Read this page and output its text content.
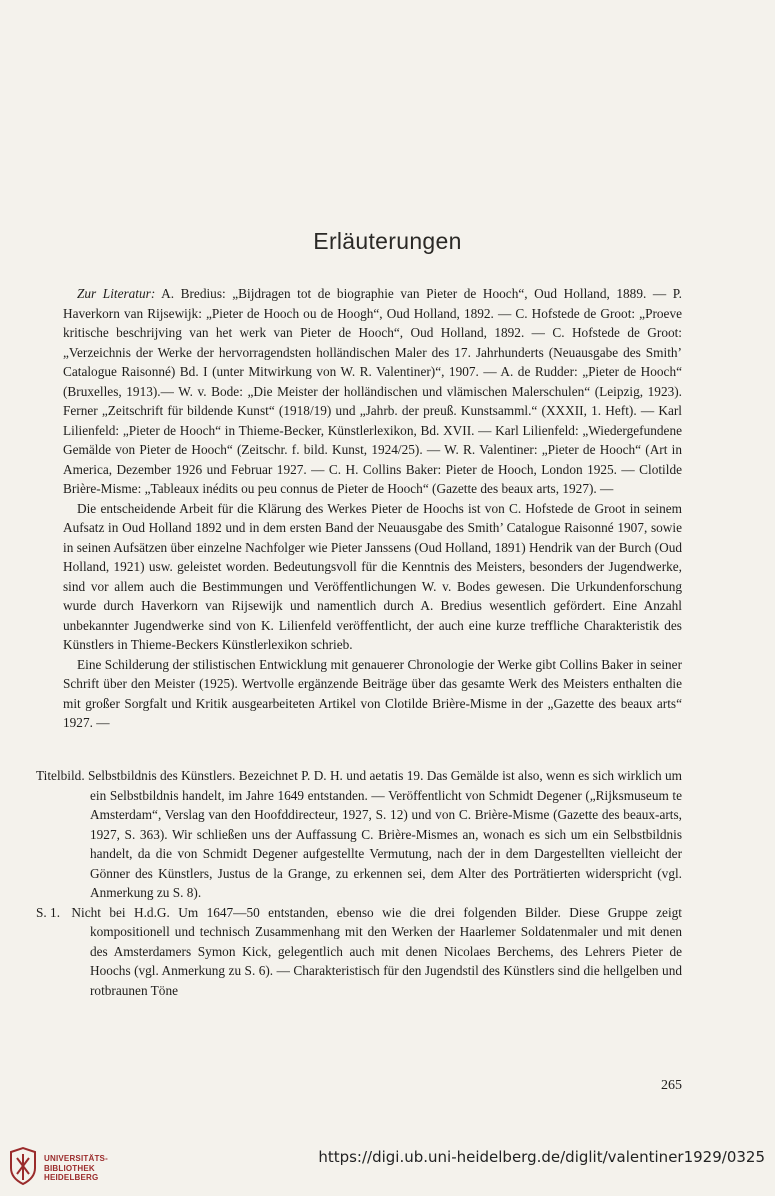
Erläuterungen

Zur Literatur: A. Bredius: „Bijdragen tot de biographie van Pieter de Hooch“, Oud Holland, 1889. — P. Haverkorn van Rijsewijk: „Pieter de Hooch ou de Hoogh“, Oud Holland, 1892. — C. Hofstede de Groot: „Proeve kritische beschrijving van het werk van Pieter de Hooch“, Oud Holland, 1892. — C. Hofstede de Groot: „Verzeichnis der Werke der hervorragendsten holländischen Maler des 17. Jahrhunderts (Neuausgabe des Smith’ Catalogue Raisonné) Bd. I (unter Mitwirkung von W. R. Valentiner)“, 1907. — A. de Rudder: „Pieter de Hooch“ (Bruxelles, 1913).— W. v. Bode: „Die Meister der holländischen und vlämischen Malerschulen“ (Leipzig, 1923). Ferner „Zeitschrift für bildende Kunst“ (1918/19) und „Jahrb. der preuß. Kunstsamml.“ (XXXII, 1. Heft). — Karl Lilienfeld: „Pieter de Hooch“ in Thieme-Becker, Künstlerlexikon, Bd. XVII. — Karl Lilienfeld: „Wiedergefundene Gemälde von Pieter de Hooch“ (Zeitschr. f. bild. Kunst, 1924/25). — W. R. Valentiner: „Pieter de Hooch“ (Art in America, Dezember 1926 und Februar 1927. — C. H. Collins Baker: Pieter de Hooch, London 1925. — Clotilde Brière-Misme: „Tableaux inédits ou peu connus de Pieter de Hooch“ (Gazette des beaux arts, 1927). —

Die entscheidende Arbeit für die Klärung des Werkes Pieter de Hoochs ist von C. Hofstede de Groot in seinem Aufsatz in Oud Holland 1892 und in dem ersten Band der Neuausgabe des Smith’ Catalogue Raisonné 1907, sowie in seinen Aufsätzen über einzelne Nachfolger wie Pieter Janssens (Oud Holland, 1891) Hendrik van der Burch (Oud Holland, 1921) usw. geleistet worden. Bedeutungsvoll für die Kenntnis des Meisters, besonders der Jugendwerke, sind vor allem auch die Bestimmungen und Veröffentlichungen W. v. Bodes gewesen. Die Urkundenforschung wurde durch Haverkorn van Rijsewijk und namentlich durch A. Bredius wesentlich gefördert. Eine Anzahl unbekannter Jugendwerke sind von K. Lilienfeld veröffentlicht, der auch eine kurze treffliche Charakteristik des Künstlers in Thieme-Beckers Künstlerlexikon schrieb.

Eine Schilderung der stilistischen Entwicklung mit genauerer Chronologie der Werke gibt Collins Baker in seiner Schrift über den Meister (1925). Wertvolle ergänzende Beiträge über das gesamte Werk des Meisters enthalten die mit großer Sorgfalt und Kritik ausgearbeiteten Artikel von Clotilde Brière-Misme in der „Gazette des beaux arts“ 1927. —

Titelbild. Selbstbildnis des Künstlers. Bezeichnet P. D. H. und aetatis 19. Das Gemälde ist also, wenn es sich wirklich um ein Selbstbildnis handelt, im Jahre 1649 entstanden. — Veröffentlicht von Schmidt Degener („Rijksmuseum te Amsterdam“, Verslag van den Hoofddirecteur, 1927, S. 12) und von C. Brière-Misme (Gazette des beaux-arts, 1927, S. 363). Wir schließen uns der Auffassung C. Brière-Mismes an, wonach es sich um ein Selbstbildnis handelt, da die von Schmidt Degener aufgestellte Vermutung, nach der in dem Dargestellten vielleicht der Gönner des Künstlers, Justus de la Grange, zu erkennen sei, dem Alter des Porträtierten widerspricht (vgl. Anmerkung zu S. 8).

S. 1. Nicht bei H.d.G. Um 1647—50 entstanden, ebenso wie die drei folgenden Bilder. Diese Gruppe zeigt kompositionell und technisch Zusammenhang mit den Werken der Haarlemer Soldatenmaler und mit denen des Amsterdamers Symon Kick, gelegentlich auch mit denen Nicolaes Berchems, des Lehrers Pieter de Hoochs (vgl. Anmerkung zu S. 6). — Charakteristisch für den Jugendstil des Künstlers sind die hellgelben und rotbraunen Töne

265
UNIVERSITÄTS-
BIBLIOTHEK
HEIDELBERG
https://digi.ub.uni-heidelberg.de/diglit/valentiner1929/0325
